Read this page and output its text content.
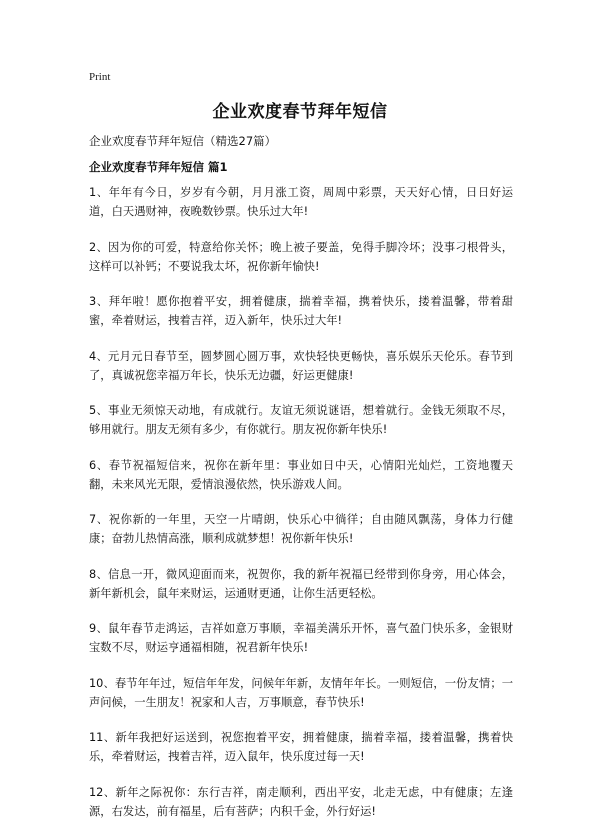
Print
企业欢度春节拜年短信
企业欢度春节拜年短信（精选27篇）
企业欢度春节拜年短信 篇1

1、年年有今日，岁岁有今朝，月月涨工资，周周中彩票，天天好心情，日日好运道，白天遇财神，夜晚数钞票。快乐过大年!

2、因为你的可爱，特意给你关怀；晚上被子要盖，免得手脚冷坏；没事刁根骨头，这样可以补钙；不要说我太坏，祝你新年愉快!

3、拜年啦！愿你抱着平安，拥着健康，揣着幸福，携着快乐，搂着温馨，带着甜蜜，牵着财运，拽着吉祥，迈入新年，快乐过大年!

4、元月元日春节至，圆梦圆心圆万事，欢快轻快更畅快，喜乐娱乐天伦乐。春节到了，真诚祝您幸福万年长，快乐无边疆，好运更健康!

5、事业无须惊天动地，有成就行。友谊无须说谜语，想着就行。金钱无须取不尽，够用就行。朋友无须有多少，有你就行。朋友祝你新年快乐!

6、春节祝福短信来，祝你在新年里：事业如日中天，心情阳光灿烂，工资地覆天翻，未来风光无限，爱情浪漫依然，快乐游戏人间。

7、祝你新的一年里，天空一片晴朗，快乐心中徜徉；自由随风飘荡，身体力行健康；奋勃儿热情高涨，顺利成就梦想！祝你新年快乐!

8、信息一开，微风迎面而来，祝贺你，我的新年祝福已经带到你身旁，用心体会，新年新机会，鼠年来财运，运通财更通，让你生活更轻松。

9、鼠年春节走鸿运，吉祥如意万事顺，幸福美满乐开怀，喜气盈门快乐多，金银财宝数不尽，财运亨通福相随，祝君新年快乐!

10、春节年年过，短信年年发，问候年年新，友情年年长。一则短信，一份友情；一声问候，一生朋友！祝家和人吉，万事顺意，春节快乐!

11、新年我把好运送到，祝您抱着平安，拥着健康，揣着幸福，搂着温馨，携着快乐，牵着财运，拽着吉祥，迈入鼠年，快乐度过每一天!

12、新年之际祝你：东行吉祥，南走顺利，西出平安，北走无虑，中有健康；左逢源，右发达，前有福星，后有菩萨；内积千金，外行好运!
